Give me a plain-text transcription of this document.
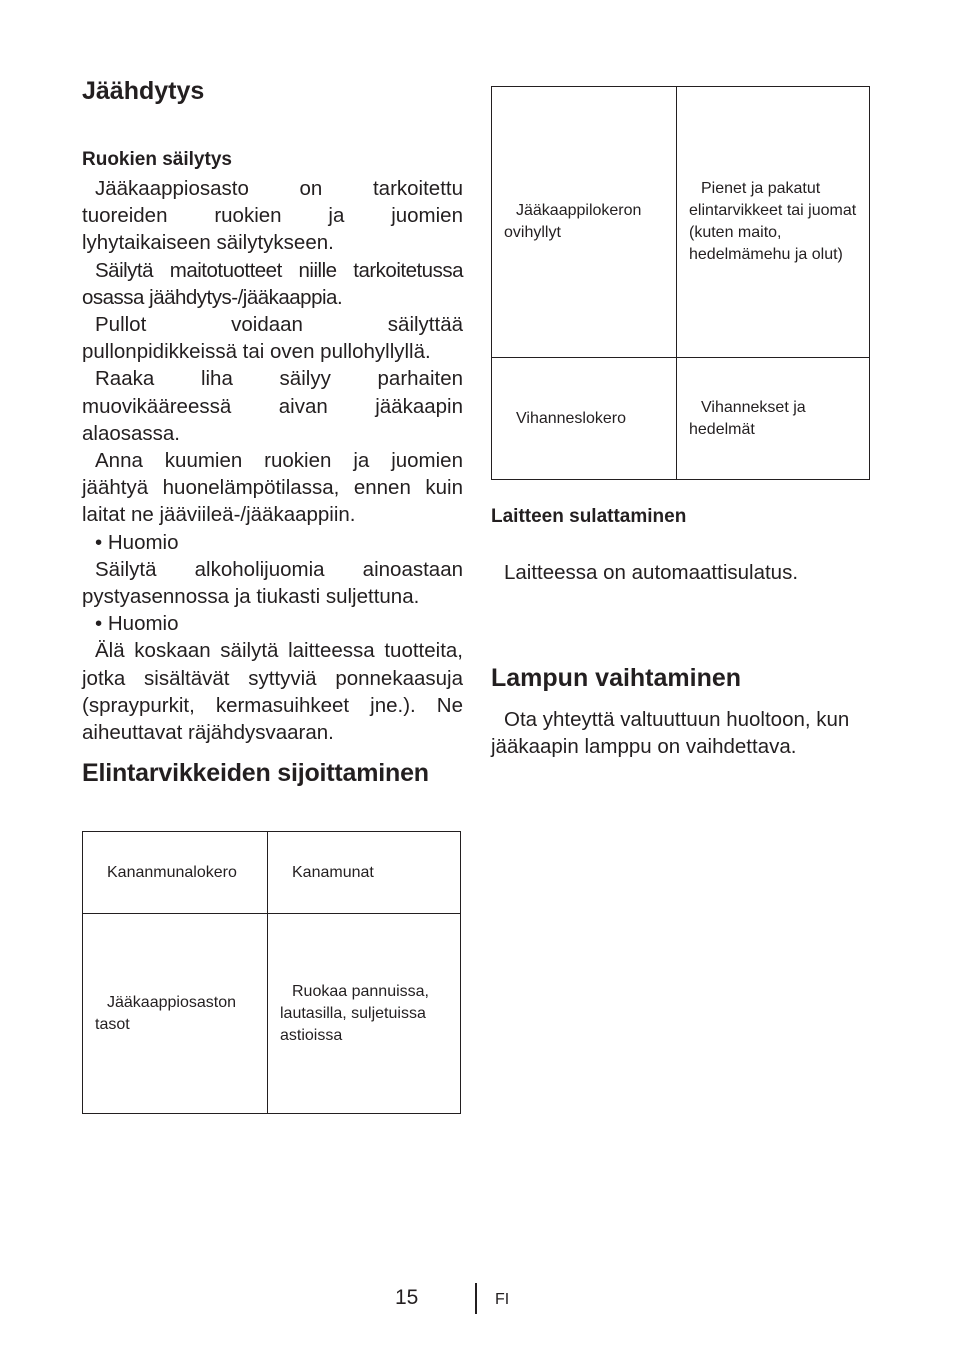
Jäähdytys
Ruokien säilytys

Jääkaappiosasto on tarkoitettu tuoreiden ruokien ja juomien lyhytaikaiseen säilytykseen.

Säilytä maitotuotteet niille tarkoitetussa osassa jäähdytys-/jääkaappia.

Pullot voidaan säilyttää pullonpidikkeissä tai oven pullohyllyllä.

Raaka liha säilyy parhaiten muovikääreessä aivan jääkaapin alaosassa.

Anna kuumien ruokien ja juomien jäähtyä huonelämpötilassa, ennen kuin laitat ne jääviileä-/jääkaappiin.

• Huomio

Säilytä alkoholijuomia ainoastaan pystyasennossa ja tiukasti suljettuna.

• Huomio

Älä koskaan säilytä laitteessa tuotteita, jotka sisältävät syttyviä ponnekaasuja (spraypurkit, kermasuihkeet jne.). Ne aiheuttavat räjähdysvaaran.

Elintarvikkeiden sijoittaminen
Kananmunalokero	Kanamunat
Jääkaappiosaston tasot	Ruokaa pannuissa, lautasilla, suljetuissa astioissa
Jääkaappilokeron ovihyllyt	Pienet ja pakatut elintarvikkeet tai juomat (kuten maito, hedelmämehu ja olut)
Vihanneslokero	Vihannekset ja hedelmät
Laitteen sulattaminen

Laitteessa on automaattisulatus.

Lampun vaihtaminen

Ota yhteyttä valtuuttuun huoltoon, kun jääkaapin lamppu on vaihdettava.

15	FI
